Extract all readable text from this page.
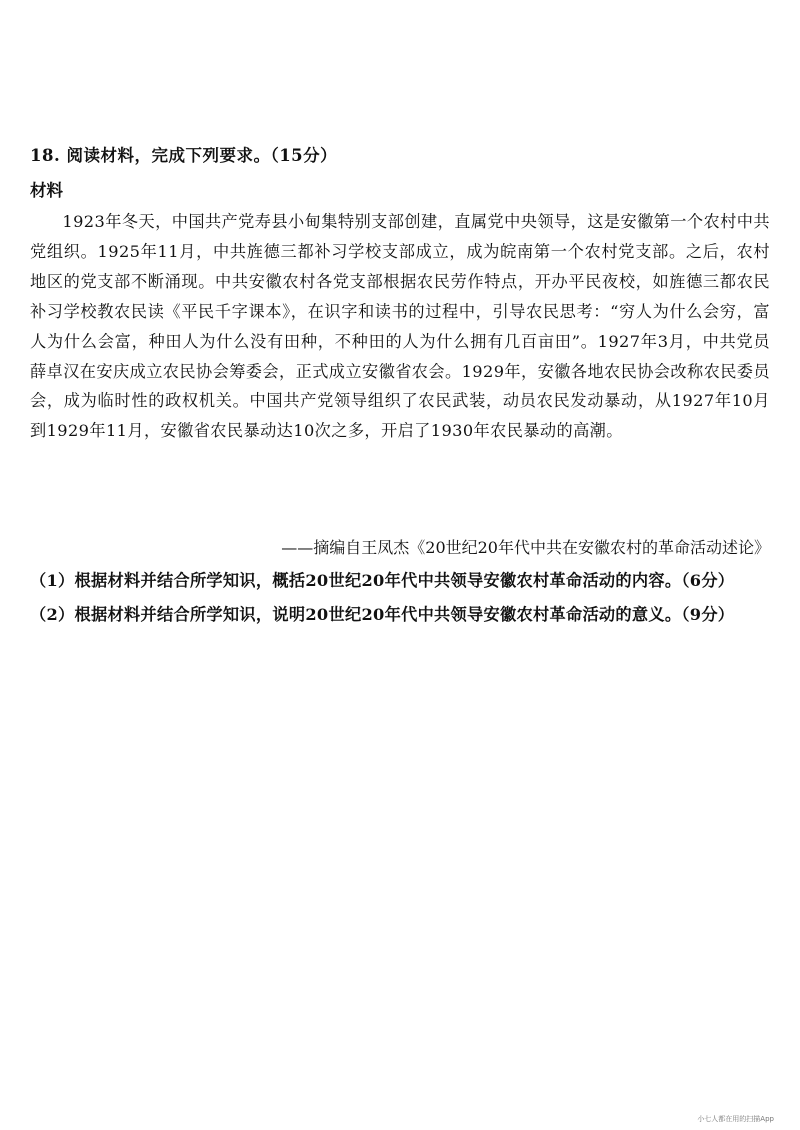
18. 阅读材料，完成下列要求。（15分）
材料

1923年冬天，中国共产党寿县小甸集特别支部创建，直属党中央领导，这是安徽第一个农村中共党组织。1925年11月，中共旌德三都补习学校支部成立，成为皖南第一个农村党支部。之后，农村地区的党支部不断涌现。中共安徽农村各党支部根据农民劳作特点，开办平民夜校，如旌德三都农民补习学校教农民读《平民千字课本》，在识字和读书的过程中，引导农民思考：“穷人为什么会穷，富人为什么会富，种田人为什么没有田种，不种田的人为什么拥有几百亩田”。1927年3月，中共党员薛卓汉在安庆成立农民协会筹委会，正式成立安徽省农会。1929年，安徽各地农民协会改称农民委员会，成为临时性的政权机关。中国共产党领导组织了农民武装，动员农民发动暴动，从1927年10月到1929年11月，安徽省农民暴动达10次之多，开启了1930年农民暴动的高潮。

——摘编自王凤杰《20世纪20年代中共在安徽农村的革命活动述论》
（1）根据材料并结合所学知识，概括20世纪20年代中共领导安徽农村革命活动的内容。（6分）
（2）根据材料并结合所学知识，说明20世纪20年代中共领导安徽农村革命活动的意义。（9分）
小七人都在用的扫描App
